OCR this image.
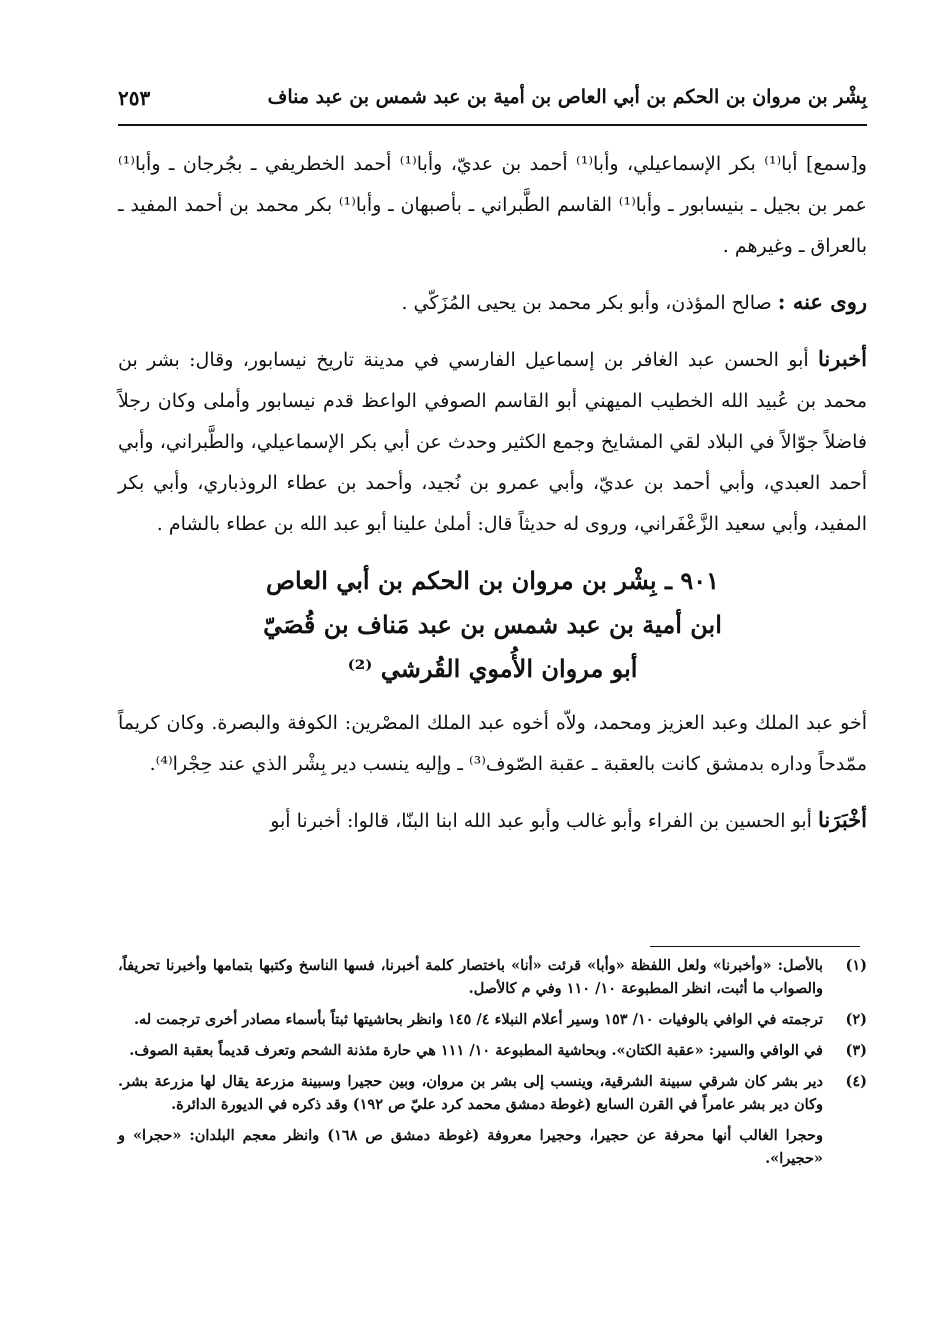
بِشْر بن مروان بن الحكم بن أبي العاص بن أمية بن عبد شمس بن عبد مناف
٢٥٣

و[سمع] أبا⁽¹⁾ بكر الإسماعيلي، وأبا⁽¹⁾ أحمد بن عديّ، وأبا⁽¹⁾ أحمد الخطريفي ـ بجُرجان ـ وأبا⁽¹⁾ عمر بن بجيل ـ بنيسابور ـ وأبا⁽¹⁾ القاسم الطَّبراني ـ بأصبهان ـ وأبا⁽¹⁾ بكر محمد بن أحمد المفيد ـ بالعراق ـ وغيرهم .

روى عنه : صالح المؤذن، وأبو بكر محمد بن يحيى المُزَكّي .

أخبرنا أبو الحسن عبد الغافر بن إسماعيل الفارسي في مدينة تاريخ نيسابور، وقال: بشر بن محمد بن عُبيد الله الخطيب الميهني أبو القاسم الصوفي الواعظ قدم نيسابور وأملى وكان رجلاً فاضلاً جوّالاً في البلاد لقي المشايخ وجمع الكثير وحدث عن أبي بكر الإسماعيلي، والطَّبراني، وأبي أحمد العبدي، وأبي أحمد بن عديّ، وأبي عمرو بن نُجيد، وأحمد بن عطاء الروذباري، وأبي بكر المفيد، وأبي سعيد الزَّعْفَراني، وروى له حديثاً قال: أملىٰ علينا أبو عبد الله بن عطاء بالشام .

٩٠١ ـ بِشْر بن مروان بن الحكم بن أبي العاص
ابن أمية بن عبد شمس بن عبد مَناف بن قُصَيّ
أبو مروان الأُموي القُرشي ⁽²⁾

أخو عبد الملك وعبد العزيز ومحمد، ولاّه أخوه عبد الملك المصْرين: الكوفة والبصرة. وكان كريماً ممّدحاً وداره بدمشق كانت بالعقبة ـ عقبة الصّوف⁽³⁾ ـ وإليه ينسب دير بِشْر الذي عند حِجْرا⁽⁴⁾.

أخْبَرَنا أبو الحسين بن الفراء وأبو غالب وأبو عبد الله ابنا البنّا، قالوا: أخبرنا أبو

(١)
بالأصل: «وأخبرنا» ولعل اللفظة «وأبا» قرئت «أنا» باختصار كلمة أخبرنا، فسها الناسخ وكتبها بتمامها وأخبرنا تحريفاً، والصواب ما أثبت، انظر المطبوعة ١٠/ ١١٠ وفي م كالأصل.
(٢)
ترجمته في الوافي بالوفيات ١٠/ ١٥٣ وسير أعلام النبلاء ٤/ ١٤٥ وانظر بحاشيتها ثبتاً بأسماء مصادر أخرى ترجمت له.
(٣)
في الوافي والسير: «عقبة الكتان». وبحاشية المطبوعة ١٠/ ١١١ هي حارة مئذنة الشحم وتعرف قديماً بعقبة الصوف.
(٤)
دير بشر كان شرقي سبينة الشرقية، وينسب إلى بشر بن مروان، وبين حجيرا وسبينة مزرعة يقال لها مزرعة بشر. وكان دير بشر عامراً في القرن السابع (غوطة دمشق محمد كرد عليّ ص ١٩٢) وقد ذكره في الديورة الدائرة.
وحجرا الغالب أنها محرفة عن حجيرا، وحجيرا معروفة (غوطة دمشق ص ١٦٨) وانظر معجم البلدان: «حجرا» و «حجيرا».
